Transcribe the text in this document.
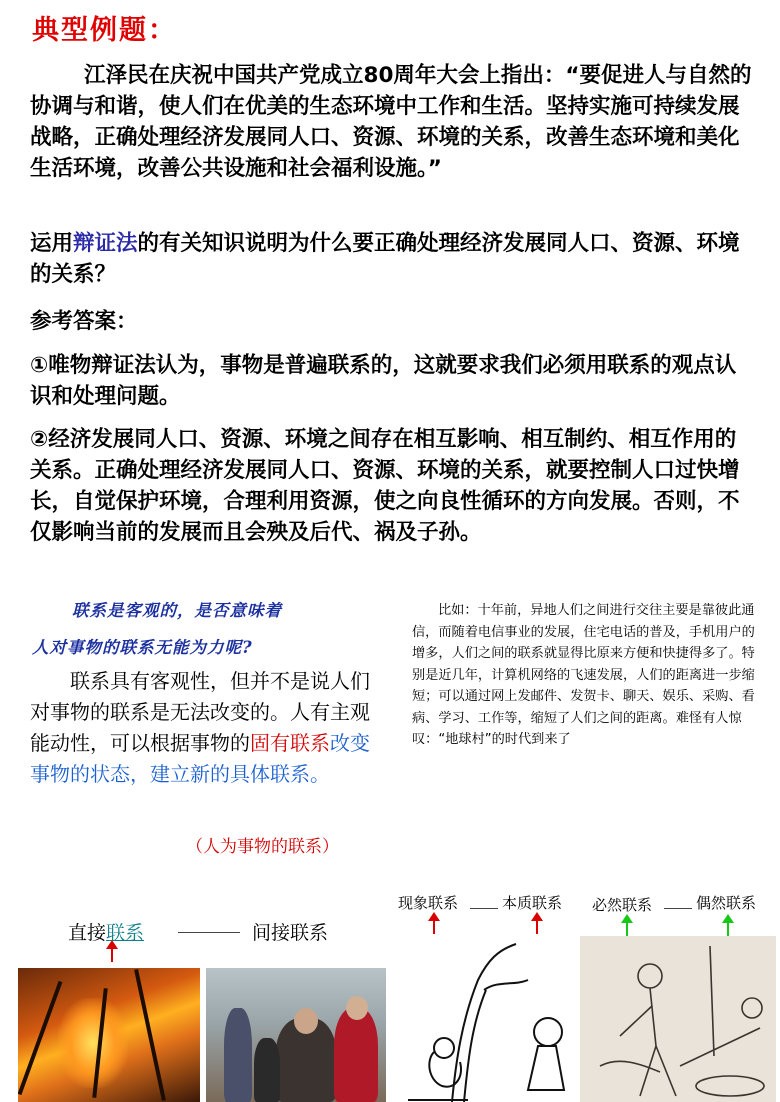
典型例题：
江泽民在庆祝中国共产党成立80周年大会上指出：“要促进人与自然的协调与和谐，使人们在优美的生态环境中工作和生活。坚持实施可持续发展战略，正确处理经济发展同人口、资源、环境的关系，改善生态环境和美化生活环境，改善公共设施和社会福利设施。”
运用辩证法的有关知识说明为什么要正确处理经济发展同人口、资源、环境的关系？
参考答案：
①唯物辩证法认为，事物是普遍联系的，这就要求我们必须用联系的观点认识和处理问题。
②经济发展同人口、资源、环境之间存在相互影响、相互制约、相互作用的关系。正确处理经济发展同人口、资源、环境的关系，就要控制人口过快增长，自觉保护环境，合理利用资源，使之向良性循环的方向发展。否则，不仅影响当前的发展而且会殃及后代、祸及子孙。
联系是客观的，是否意味着
人对事物的联系无能为力呢?
联系具有客观性，但并不是说人们对事物的联系是无法改变的。人有主观能动性，可以根据事物的固有联系改变事物的状态，建立新的具体联系。
比如：十年前，异地人们之间进行交往主要是靠彼此通信，而随着电信事业的发展，住宅电话的普及，手机用户的增多，人们之间的联系就显得比原来方便和快捷得多了。特别是近几年，计算机网络的飞速发展，人们的距离进一步缩短；可以通过网上发邮件、发贺卡、聊天、娱乐、采购、看病、学习、工作等，缩短了人们之间的距离。难怪有人惊叹：“地球村”的时代到来了
（人为事物的联系）
直接联系	间接联系
现象联系	本质联系 必然联系	偶然联系
